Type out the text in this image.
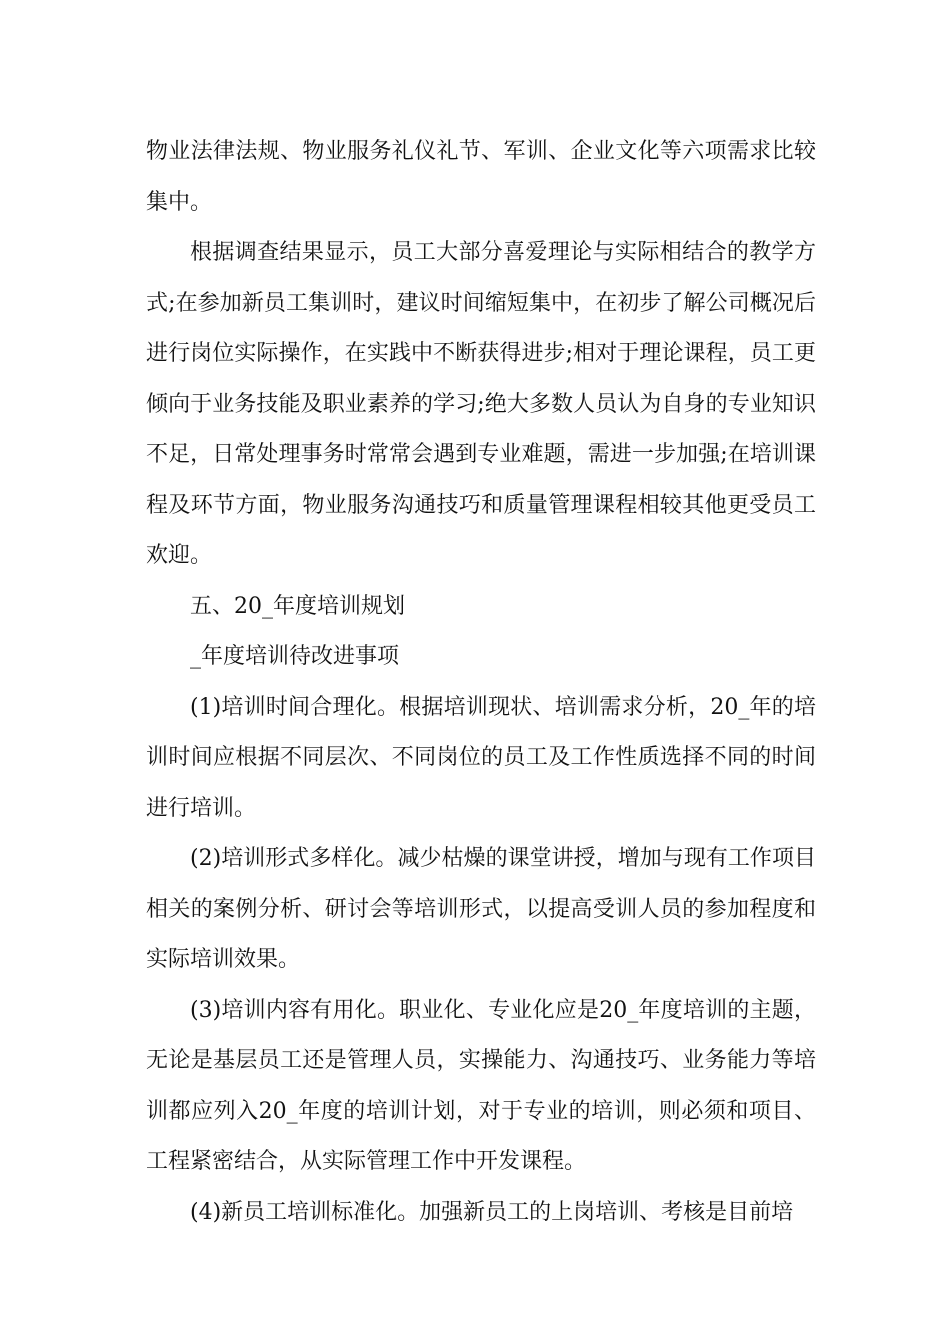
物业法律法规、物业服务礼仪礼节、军训、企业文化等六项需求比较集中。

根据调查结果显示，员工大部分喜爱理论与实际相结合的教学方式;在参加新员工集训时，建议时间缩短集中，在初步了解公司概况后进行岗位实际操作，在实践中不断获得进步;相对于理论课程，员工更倾向于业务技能及职业素养的学习;绝大多数人员认为自身的专业知识不足，日常处理事务时常常会遇到专业难题，需进一步加强;在培训课程及环节方面，物业服务沟通技巧和质量管理课程相较其他更受员工欢迎。

五、20_年度培训规划

_年度培训待改进事项

(1)培训时间合理化。根据培训现状、培训需求分析，20_年的培训时间应根据不同层次、不同岗位的员工及工作性质选择不同的时间进行培训。

(2)培训形式多样化。减少枯燥的课堂讲授，增加与现有工作项目相关的案例分析、研讨会等培训形式，以提高受训人员的参加程度和实际培训效果。

(3)培训内容有用化。职业化、专业化应是20_年度培训的主题，无论是基层员工还是管理人员，实操能力、沟通技巧、业务能力等培训都应列入20_年度的培训计划，对于专业的培训，则必须和项目、工程紧密结合，从实际管理工作中开发课程。

(4)新员工培训标准化。加强新员工的上岗培训、考核是目前培
